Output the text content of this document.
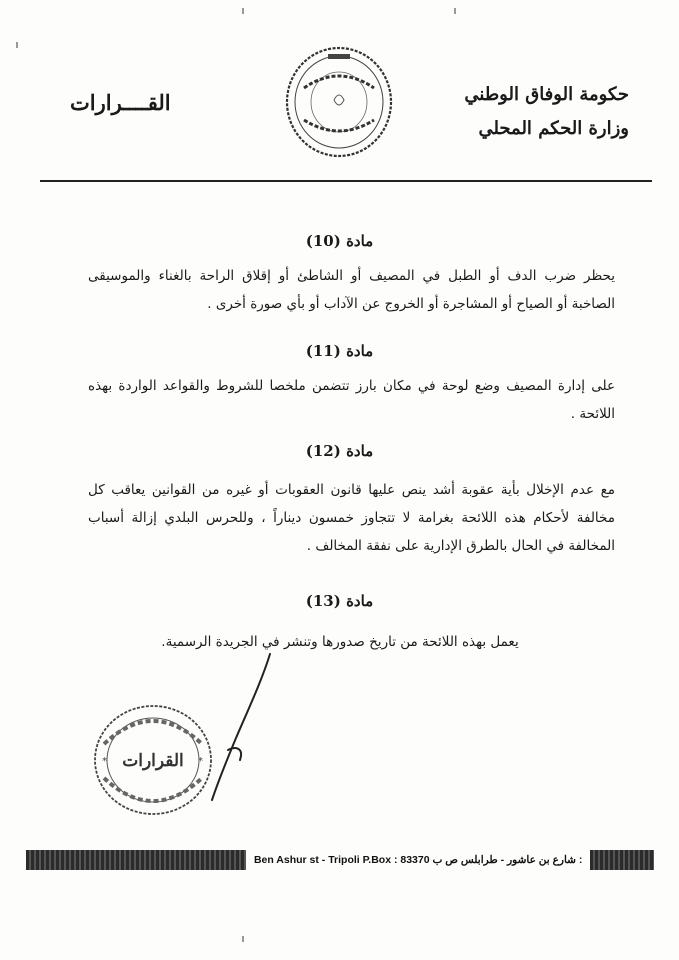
حكومة الوفاق الوطني
وزارة الحكم المحلي
القــــرارات
مادة (10)
يحظر ضرب الدف أو الطبل في المصيف أو الشاطئ أو إقلاق الراحة بالغناء والموسيقى الصاخبة أو الصياح أو المشاجرة أو الخروج عن الآداب أو بأي صورة أخرى .
مادة (11)
على إدارة المصيف وضع لوحة في مكان بارز تتضمن ملخصا للشروط والقواعد الواردة بهذه اللائحة .
مادة (12)
مع عدم الإخلال بأية عقوبة أشد ينص عليها قانون العقوبات أو غيره من القوانين يعاقب كل مخالفة لأحكام هذه اللائحة بغرامة لا تتجاوز خمسون ديناراً ، وللحرس البلدي إزالة أسباب المخالفة في الحال بالطرق الإدارية على نفقة المخالف .
مادة (13)
يعمل بهذه اللائحة من تاريخ صدورها وتنشر في الجريدة الرسمية.
القرارات
*	*
Ben Ashur st - Tripoli P.Box : 83370 شارع بن عاشور - طرابلس ص ب :
